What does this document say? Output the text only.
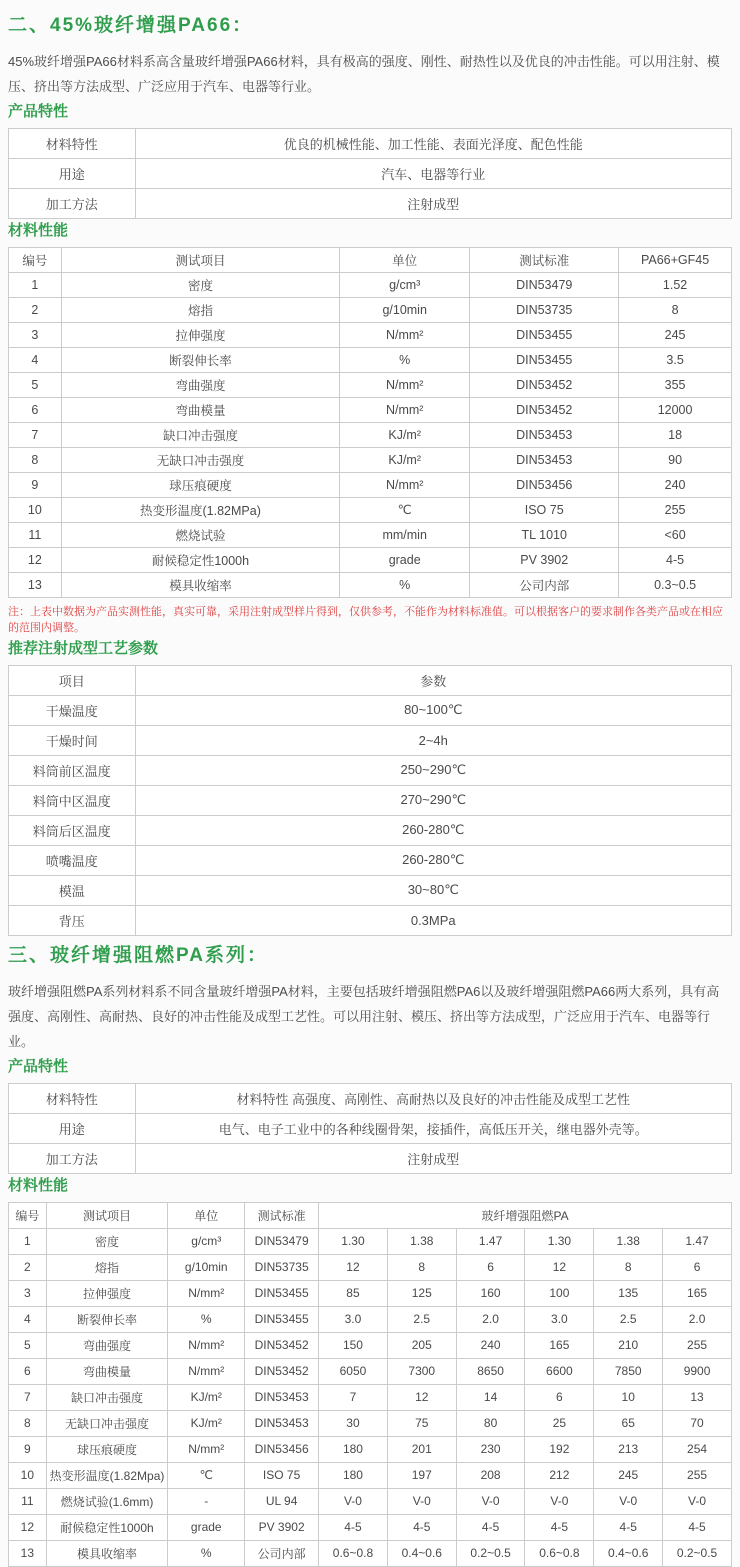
二、45%玻纤增强PA66：

45%玻纤增强PA66材料系高含量玻纤增强PA66材料，具有极高的强度、刚性、耐热性以及优良的冲击性能。可以用注射、模压、挤出等方法成型、广泛应用于汽车、电器等行业。

产品特性
材料特性	优良的机械性能、加工性能、表面光泽度、配色性能
用途	汽车、电器等行业
加工方法	注射成型
材料性能
编号	测试项目	单位	测试标准	PA66+GF45
1	密度	g/cm³	DIN53479	1.52
2	熔指	g/10min	DIN53735	8
3	拉伸强度	N/mm²	DIN53455	245
4	断裂伸长率	%	DIN53455	3.5
5	弯曲强度	N/mm²	DIN53452	355
6	弯曲模量	N/mm²	DIN53452	12000
7	缺口冲击强度	KJ/m²	DIN53453	18
8	无缺口冲击强度	KJ/m²	DIN53453	90
9	球压痕硬度	N/mm²	DIN53456	240
10	热变形温度(1.82MPa)	℃	ISO 75	255
11	燃烧试验	mm/min	TL 1010	<60
12	耐候稳定性1000h	grade	PV 3902	4-5
13	模具收缩率	%	公司内部	0.3~0.5

注：上表中数据为产品实测性能，真实可靠，采用注射成型样片得到，仅供参考，不能作为材料标准值。可以根据客户的要求制作各类产品或在相应的范围内调整。

推荐注射成型工艺参数
项目	参数
干燥温度	80~100℃
干燥时间	2~4h
料筒前区温度	250~290℃
料筒中区温度	270~290℃
料筒后区温度	260-280℃
喷嘴温度	260-280℃
模温	30~80℃
背压	0.3MPa
三、玻纤增强阻燃PA系列：

玻纤增强阻燃PA系列材料系不同含量玻纤增强PA材料，主要包括玻纤增强阻燃PA6以及玻纤增强阻燃PA66两大系列，具有高强度、高刚性、高耐热、良好的冲击性能及成型工艺性。可以用注射、模压、挤出等方法成型，广泛应用于汽车、电器等行业。

产品特性
材料特性	材料特性 高强度、高刚性、高耐热以及良好的冲击性能及成型工艺性
用途	电气、电子工业中的各种线圈骨架，接插件，高低压开关，继电器外壳等。
加工方法	注射成型
材料性能
编号	测试项目	单位	测试标准	玻纤增强阻燃PA					
1	密度	g/cm³	DIN53479	1.30	1.38	1.47	1.30	1.38	1.47
2	熔指	g/10min	DIN53735	12	8	6	12	8	6
3	拉伸强度	N/mm²	DIN53455	85	125	160	100	135	165
4	断裂伸长率	%	DIN53455	3.0	2.5	2.0	3.0	2.5	2.0
5	弯曲强度	N/mm²	DIN53452	150	205	240	165	210	255
6	弯曲模量	N/mm²	DIN53452	6050	7300	8650	6600	7850	9900
7	缺口冲击强度	KJ/m²	DIN53453	7	12	14	6	10	13
8	无缺口冲击强度	KJ/m²	DIN53453	30	75	80	25	65	70
9	球压痕硬度	N/mm²	DIN53456	180	201	230	192	213	254
10	热变形温度(1.82Mpa)	℃	ISO 75	180	197	208	212	245	255
11	燃烧试验(1.6mm)	-	UL 94	V-0	V-0	V-0	V-0	V-0	V-0
12	耐候稳定性1000h	grade	PV 3902	4-5	4-5	4-5	4-5	4-5	4-5
13	模具收缩率	%	公司内部	0.6~0.8	0.4~0.6	0.2~0.5	0.6~0.8	0.4~0.6	0.2~0.5
